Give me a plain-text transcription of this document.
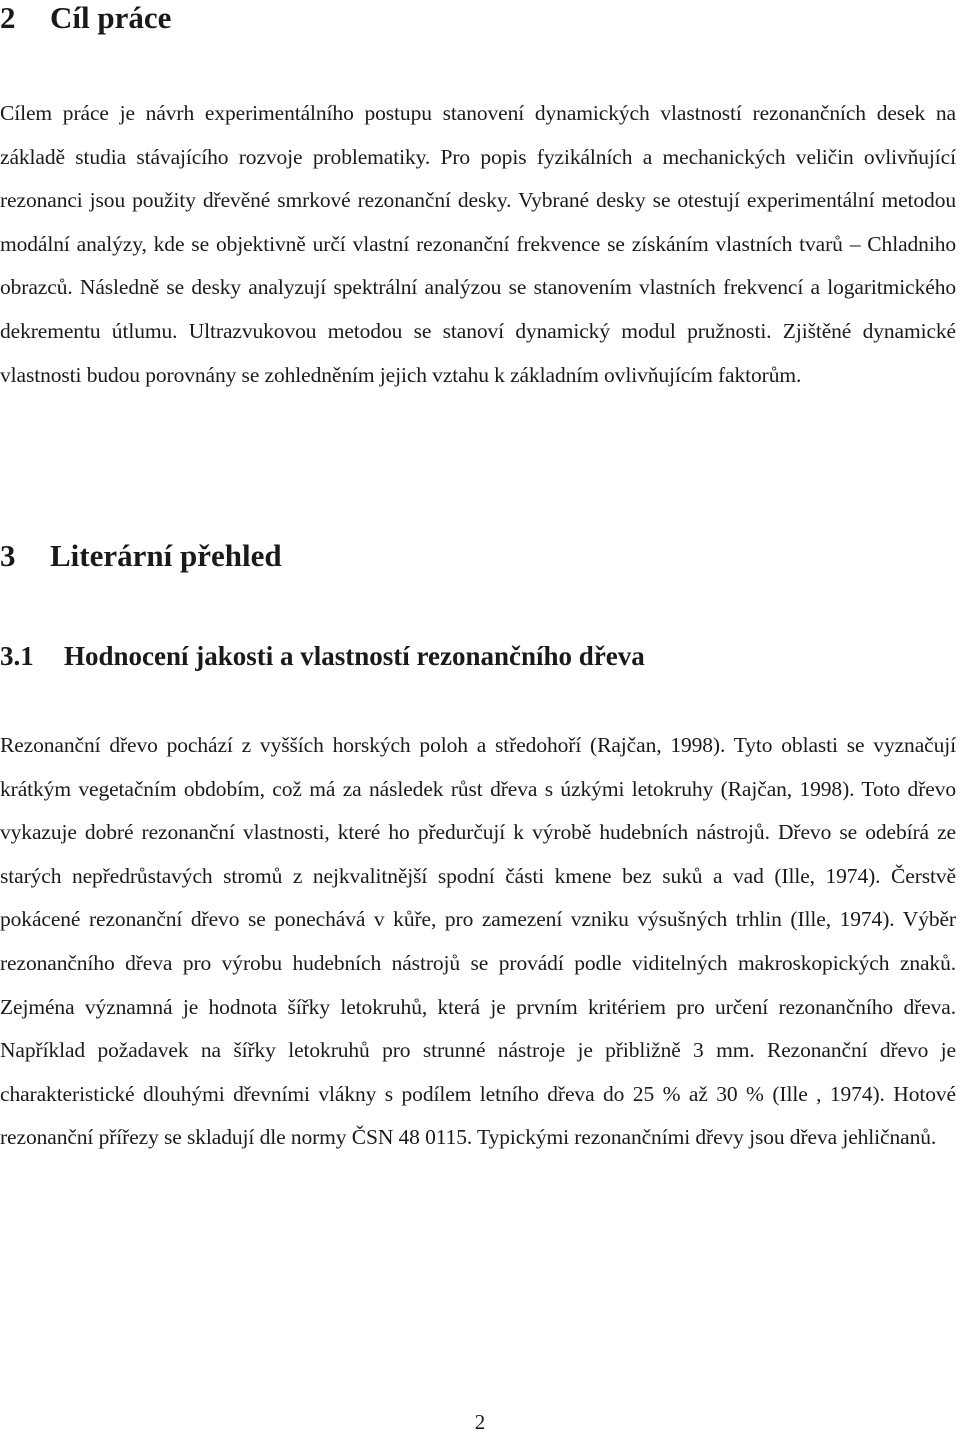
2 Cíl práce

Cílem práce je návrh experimentálního postupu stanovení dynamických vlastností rezonančních desek na základě studia stávajícího rozvoje problematiky. Pro popis fyzikálních a mechanických veličin ovlivňující rezonanci jsou použity dřevěné smrkové rezonanční desky. Vybrané desky se otestují experimentální metodou modální analýzy, kde se objektivně určí vlastní rezonanční frekvence se získáním vlastních tvarů – Chladniho obrazců. Následně se desky analyzují spektrální analýzou se stanovením vlastních frekvencí a logaritmického dekrementu útlumu. Ultrazvukovou metodou se stanoví dynamický modul pružnosti. Zjištěné dynamické vlastnosti budou porovnány se zohledněním jejich vztahu k základním ovlivňujícím faktorům.

3 Literární přehled
3.1 Hodnocení jakosti a vlastností rezonančního dřeva

Rezonanční dřevo pochází z vyšších horských poloh a středohoří (Rajčan, 1998). Tyto oblasti se vyznačují krátkým vegetačním obdobím, což má za následek růst dřeva s úzkými letokruhy (Rajčan, 1998). Toto dřevo vykazuje dobré rezonanční vlastnosti, které ho předurčují k výrobě hudebních nástrojů. Dřevo se odebírá ze starých nepředrůstavých stromů z nejkvalitnější spodní části kmene bez suků a vad (Ille, 1974). Čerstvě pokácené rezonanční dřevo se ponechává v kůře, pro zamezení vzniku výsušných trhlin (Ille, 1974). Výběr rezonančního dřeva pro výrobu hudebních nástrojů se provádí podle viditelných makroskopických znaků. Zejména významná je hodnota šířky letokruhů, která je prvním kritériem pro určení rezonančního dřeva. Například požadavek na šířky letokruhů pro strunné nástroje je přibližně 3 mm. Rezonanční dřevo je charakteristické dlouhými dřevními vlákny s podílem letního dřeva do 25 % až 30 % (Ille , 1974). Hotové rezonanční přířezy se skladují dle normy ČSN 48 0115. Typickými rezonančními dřevy jsou dřeva jehličnanů.

2
